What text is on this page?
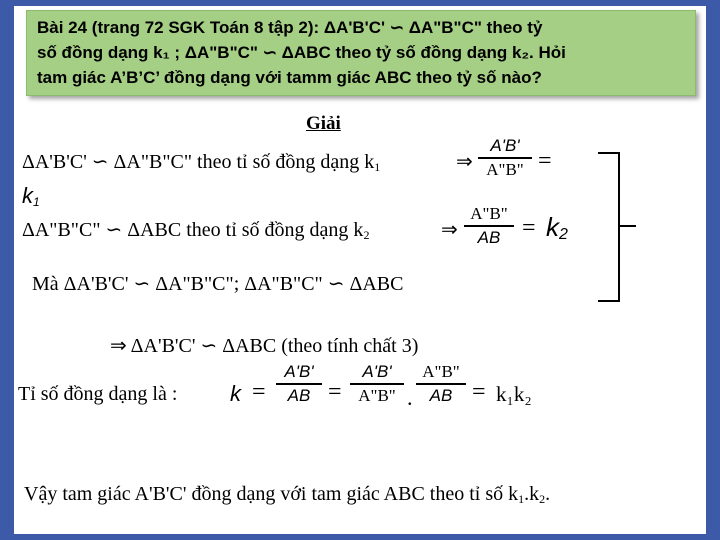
Bài 24 (trang 72 SGK Toán 8 tập 2): ΔA'B'C' ∽ ΔA"B"C" theo tỷ

số đồng dạng k₁ ; ΔA"B"C" ∽ ΔABC theo tỷ số đồng dạng k₂. Hỏi

tam giác A’B’C’ đồng dạng với tamm giác ABC theo tỷ số nào?

Giải

ΔA'B'C' ∽ ΔA"B"C" theo tỉ số đồng dạng $k_1$	⇒
A'B'
A"B" =

$k_1$

ΔA"B"C" ∽ ΔABC theo tỉ số đồng dạng $k_2$	⇒
A"B"
AB = k2

Mà ΔA'B'C' ∽ ΔA"B"C"; ΔA"B"C" ∽ ΔABC

⇒ ΔA'B'C' ∽ ΔABC (theo tính chất 3)

Tỉ số đồng dạng là : k =
A'B'
AB =
A'B'
A"B" .
A"B"
AB = k₁k₂

Vậy tam giác A'B'C' đồng dạng với tam giác ABC theo tỉ số $k_1.k_2$.
